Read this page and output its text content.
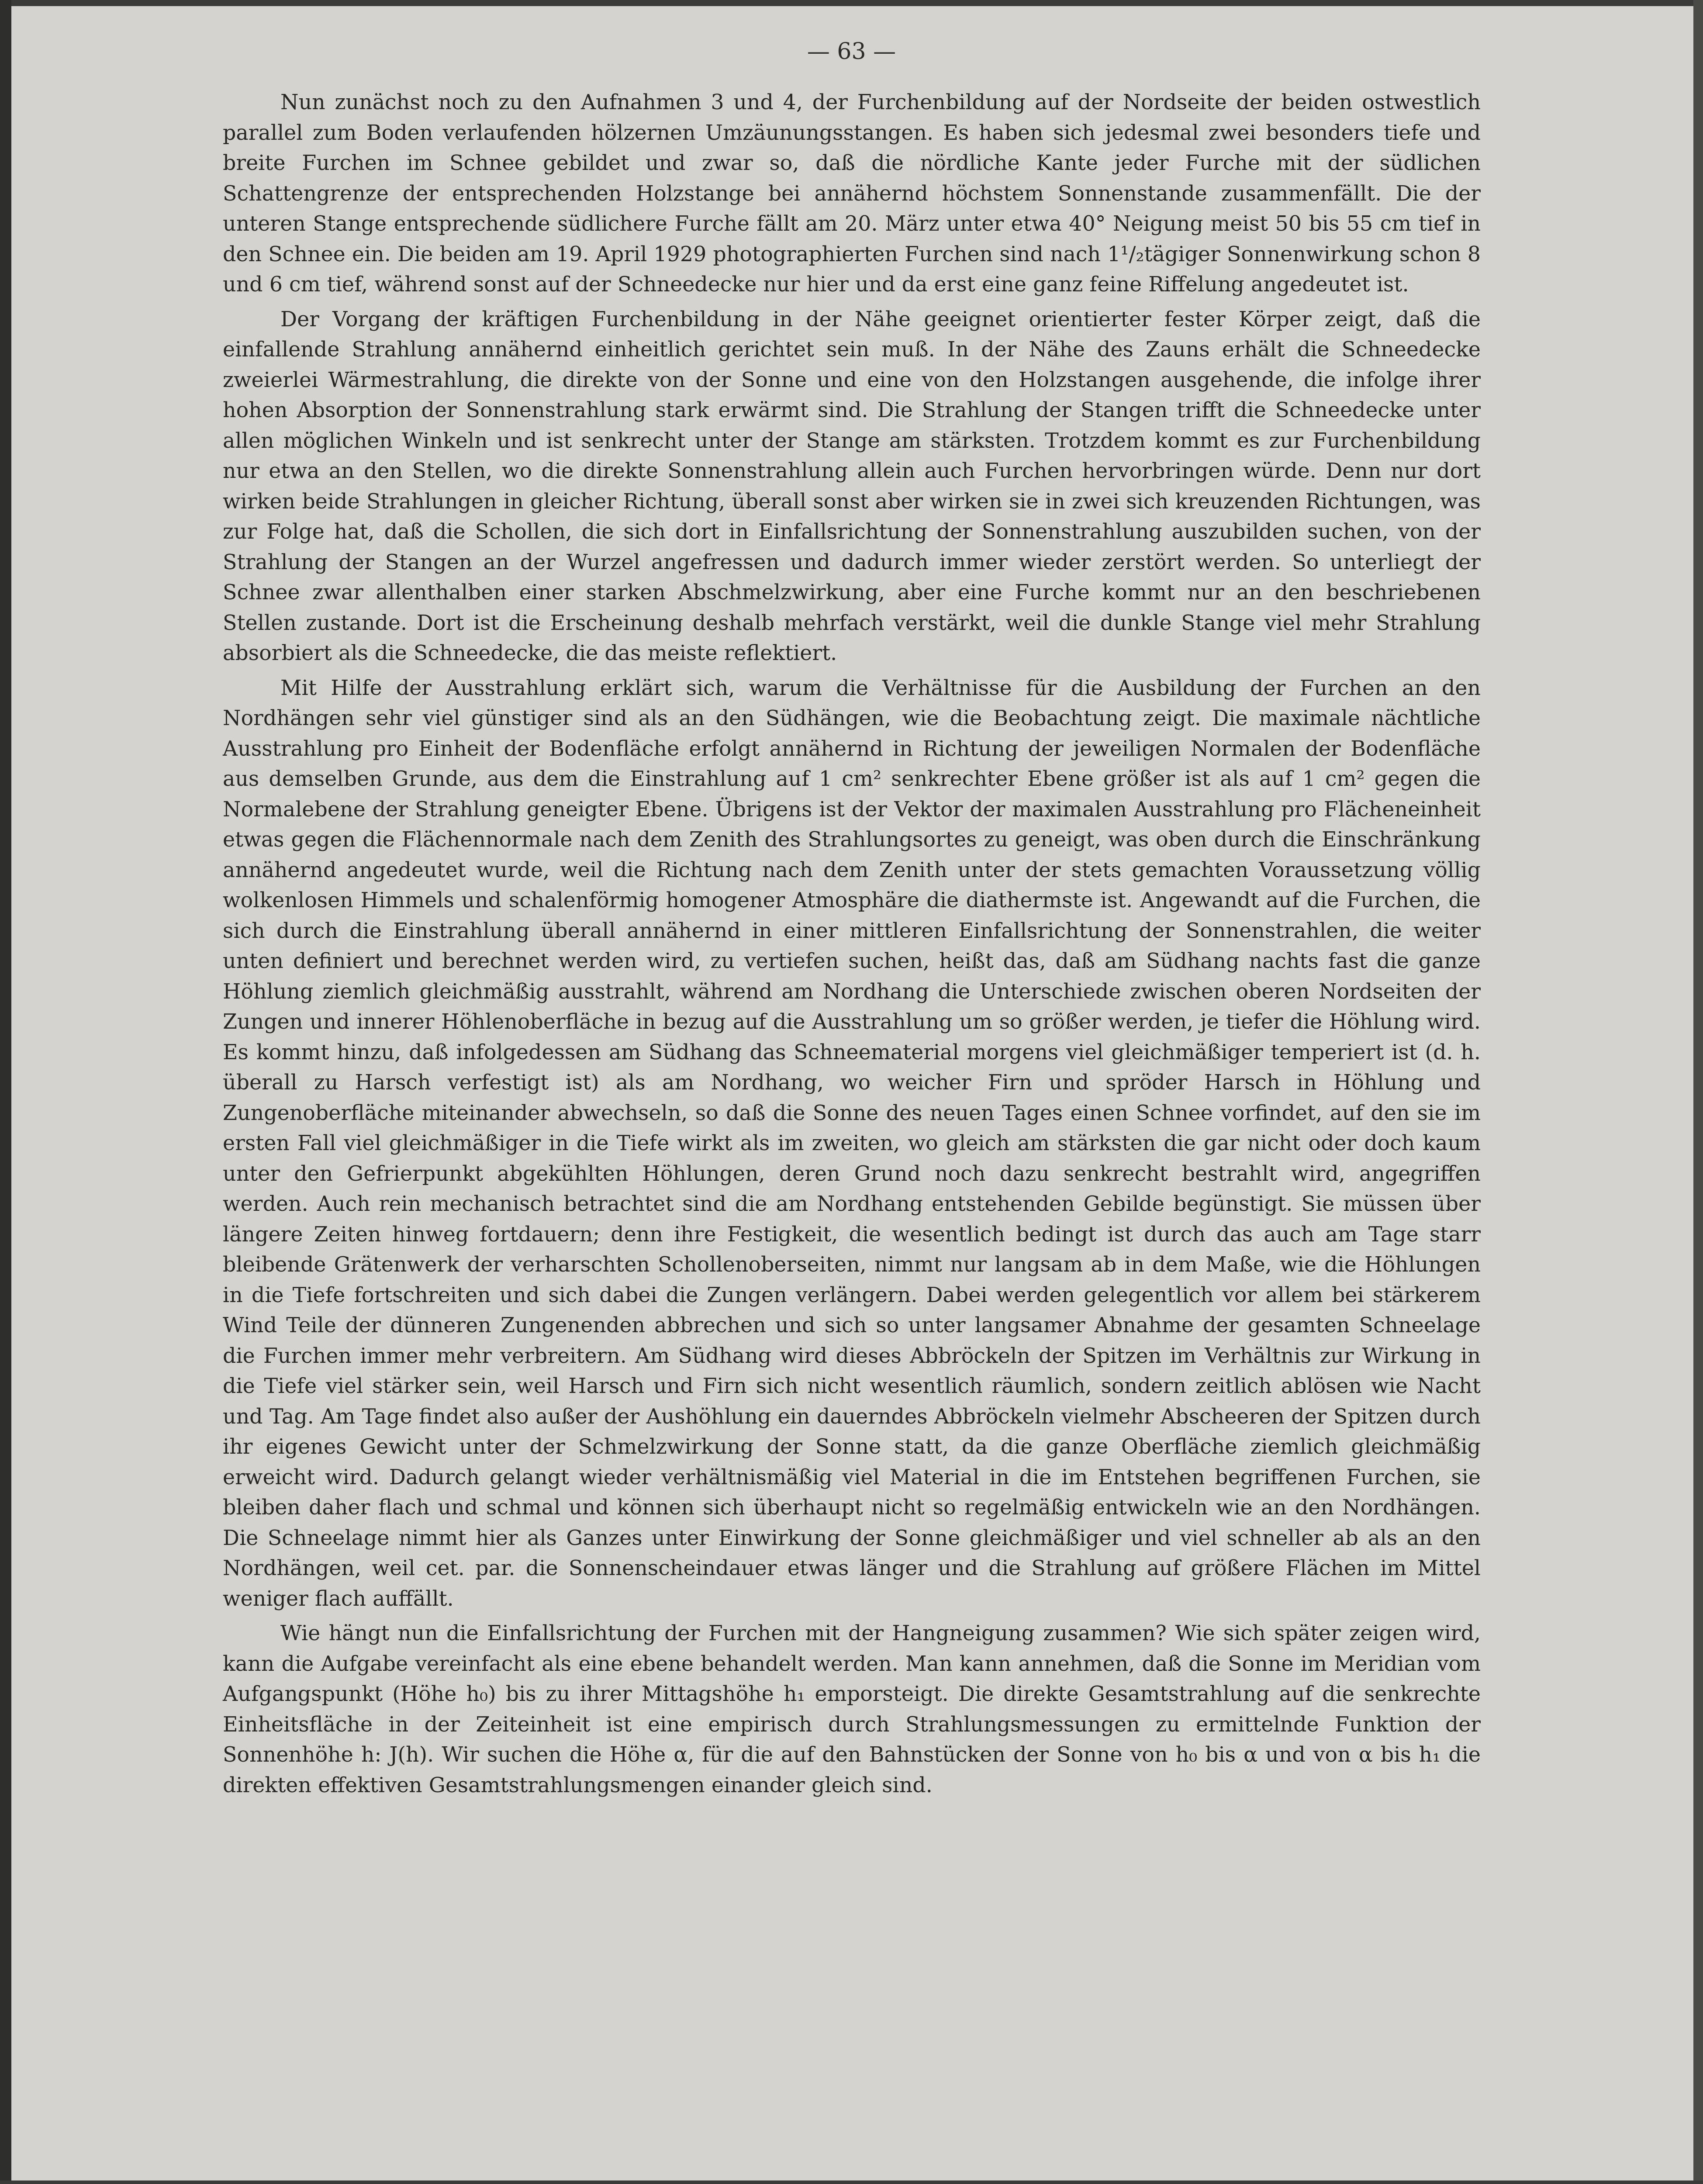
— 63 —

Nun zunächst noch zu den Aufnahmen 3 und 4, der Furchenbildung auf der Nordseite der beiden ostwestlich parallel zum Boden verlaufenden hölzernen Umzäunungsstangen. Es haben sich jedesmal zwei besonders tiefe und breite Furchen im Schnee gebildet und zwar so, daß die nördliche Kante jeder Furche mit der südlichen Schattengrenze der entsprechenden Holzstange bei annähernd höchstem Sonnenstande zusammenfällt. Die der unteren Stange entsprechende südlichere Furche fällt am 20. März unter etwa 40° Neigung meist 50 bis 55 cm tief in den Schnee ein. Die beiden am 19. April 1929 photographierten Furchen sind nach 1¹/₂tägiger Sonnenwirkung schon 8 und 6 cm tief, während sonst auf der Schneedecke nur hier und da erst eine ganz feine Riffelung angedeutet ist.

Der Vorgang der kräftigen Furchenbildung in der Nähe geeignet orientierter fester Körper zeigt, daß die einfallende Strahlung annähernd einheitlich gerichtet sein muß. In der Nähe des Zauns erhält die Schneedecke zweierlei Wärmestrahlung, die direkte von der Sonne und eine von den Holzstangen ausgehende, die infolge ihrer hohen Absorption der Sonnenstrahlung stark erwärmt sind. Die Strahlung der Stangen trifft die Schneedecke unter allen möglichen Winkeln und ist senkrecht unter der Stange am stärksten. Trotzdem kommt es zur Furchenbildung nur etwa an den Stellen, wo die direkte Sonnenstrahlung allein auch Furchen hervorbringen würde. Denn nur dort wirken beide Strahlungen in gleicher Richtung, überall sonst aber wirken sie in zwei sich kreuzenden Richtungen, was zur Folge hat, daß die Schollen, die sich dort in Einfallsrichtung der Sonnenstrahlung auszubilden suchen, von der Strahlung der Stangen an der Wurzel angefressen und dadurch immer wieder zerstört werden. So unterliegt der Schnee zwar allenthalben einer starken Abschmelzwirkung, aber eine Furche kommt nur an den beschriebenen Stellen zustande. Dort ist die Erscheinung deshalb mehrfach verstärkt, weil die dunkle Stange viel mehr Strahlung absorbiert als die Schneedecke, die das meiste reflektiert.

Mit Hilfe der Ausstrahlung erklärt sich, warum die Verhältnisse für die Ausbildung der Furchen an den Nordhängen sehr viel günstiger sind als an den Südhängen, wie die Beobachtung zeigt. Die maximale nächtliche Ausstrahlung pro Einheit der Bodenfläche erfolgt annähernd in Richtung der jeweiligen Normalen der Bodenfläche aus demselben Grunde, aus dem die Einstrahlung auf 1 cm² senkrechter Ebene größer ist als auf 1 cm² gegen die Normalebene der Strahlung geneigter Ebene. Übrigens ist der Vektor der maximalen Ausstrahlung pro Flächeneinheit etwas gegen die Flächennormale nach dem Zenith des Strahlungsortes zu geneigt, was oben durch die Einschränkung annähernd angedeutet wurde, weil die Richtung nach dem Zenith unter der stets gemachten Voraussetzung völlig wolkenlosen Himmels und schalenförmig homogener Atmosphäre die diathermste ist. Angewandt auf die Furchen, die sich durch die Einstrahlung überall annähernd in einer mittleren Einfallsrichtung der Sonnenstrahlen, die weiter unten definiert und berechnet werden wird, zu vertiefen suchen, heißt das, daß am Südhang nachts fast die ganze Höhlung ziemlich gleichmäßig ausstrahlt, während am Nordhang die Unterschiede zwischen oberen Nordseiten der Zungen und innerer Höhlenoberfläche in bezug auf die Ausstrahlung um so größer werden, je tiefer die Höhlung wird. Es kommt hinzu, daß infolgedessen am Südhang das Schneematerial morgens viel gleichmäßiger temperiert ist (d. h. überall zu Harsch verfestigt ist) als am Nordhang, wo weicher Firn und spröder Harsch in Höhlung und Zungenoberfläche miteinander abwechseln, so daß die Sonne des neuen Tages einen Schnee vorfindet, auf den sie im ersten Fall viel gleichmäßiger in die Tiefe wirkt als im zweiten, wo gleich am stärksten die gar nicht oder doch kaum unter den Gefrierpunkt abgekühlten Höhlungen, deren Grund noch dazu senkrecht bestrahlt wird, angegriffen werden. Auch rein mechanisch betrachtet sind die am Nordhang entstehenden Gebilde begünstigt. Sie müssen über längere Zeiten hinweg fortdauern; denn ihre Festigkeit, die wesentlich bedingt ist durch das auch am Tage starr bleibende Grätenwerk der verharschten Schollenoberseiten, nimmt nur langsam ab in dem Maße, wie die Höhlungen in die Tiefe fortschreiten und sich dabei die Zungen verlängern. Dabei werden gelegentlich vor allem bei stärkerem Wind Teile der dünneren Zungenenden abbrechen und sich so unter langsamer Abnahme der gesamten Schneelage die Furchen immer mehr verbreitern. Am Südhang wird dieses Abbröckeln der Spitzen im Verhältnis zur Wirkung in die Tiefe viel stärker sein, weil Harsch und Firn sich nicht wesentlich räumlich, sondern zeitlich ablösen wie Nacht und Tag. Am Tage findet also außer der Aushöhlung ein dauerndes Abbröckeln vielmehr Abscheeren der Spitzen durch ihr eigenes Gewicht unter der Schmelzwirkung der Sonne statt, da die ganze Oberfläche ziemlich gleichmäßig erweicht wird. Dadurch gelangt wieder verhältnismäßig viel Material in die im Entstehen begriffenen Furchen, sie bleiben daher flach und schmal und können sich überhaupt nicht so regelmäßig entwickeln wie an den Nordhängen. Die Schneelage nimmt hier als Ganzes unter Einwirkung der Sonne gleichmäßiger und viel schneller ab als an den Nordhängen, weil cet. par. die Sonnenscheindauer etwas länger und die Strahlung auf größere Flächen im Mittel weniger flach auffällt.

Wie hängt nun die Einfallsrichtung der Furchen mit der Hangneigung zusammen? Wie sich später zeigen wird, kann die Aufgabe vereinfacht als eine ebene behandelt werden. Man kann annehmen, daß die Sonne im Meridian vom Aufgangspunkt (Höhe h₀) bis zu ihrer Mittagshöhe h₁ emporsteigt. Die direkte Gesamtstrahlung auf die senkrechte Einheitsfläche in der Zeiteinheit ist eine empirisch durch Strahlungsmessungen zu ermittelnde Funktion der Sonnenhöhe h: J(h). Wir suchen die Höhe α, für die auf den Bahnstücken der Sonne von h₀ bis α und von α bis h₁ die direkten effektiven Gesamtstrahlungsmengen einander gleich sind.
